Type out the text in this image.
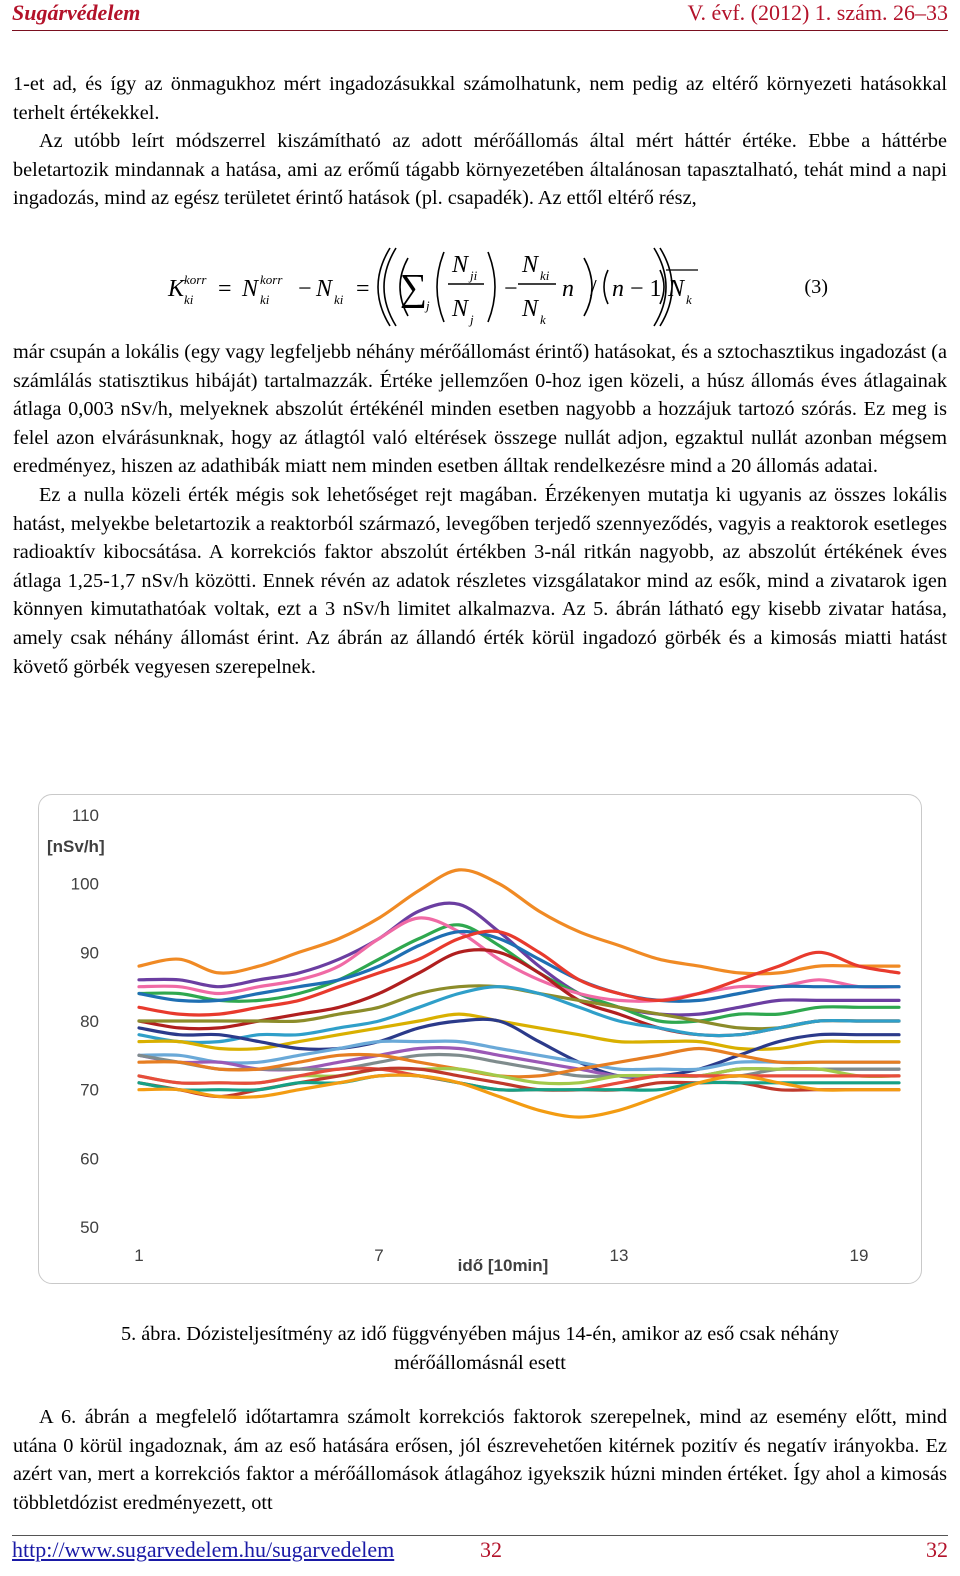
Sugárvédelem	V. évf. (2012) 1. szám. 26–33

1-et ad, és így az önmagukhoz mért ingadozásukkal számolhatunk, nem pedig az eltérő környezeti hatásokkal terhelt értékekkel.

Az utóbb leírt módszerrel kiszámítható az adott mérőállomás által mért háttér értéke. Ebbe a háttérbe beletartozik mindannak a hatása, ami az erőmű tágabb környezetében általánosan tapasztalható, tehát mind a napi ingadozás, mind az egész területet érintő hatások (pl. csapadék). Az ettől eltérő rész,

K korr
ki = N korr
ki − N ki = ∑
j
N ji
N j
−
N ki
N k
n / n − 1 N k
(3)

már csupán a lokális (egy vagy legfeljebb néhány mérőállomást érintő) hatásokat, és a sztochasztikus ingadozást (a számlálás statisztikus hibáját) tartalmazzák. Értéke jellemzően 0-hoz igen közeli, a húsz állomás éves átlagainak átlaga 0,003 nSv/h, melyeknek abszolút értékénél minden esetben nagyobb a hozzájuk tartozó szórás. Ez meg is felel azon elvárásunknak, hogy az átlagtól való eltérések összege nullát adjon, egzaktul nullát azonban mégsem eredményez, hiszen az adathibák miatt nem minden esetben álltak rendelkezésre mind a 20 állomás adatai.

Ez a nulla közeli érték mégis sok lehetőséget rejt magában. Érzékenyen mutatja ki ugyanis az összes lokális hatást, melyekbe beletartozik a reaktorból származó, levegőben terjedő szennyeződés, vagyis a reaktorok esetleges radioaktív kibocsátása. A korrekciós faktor abszolút értékben 3-nál ritkán nagyobb, az abszolút értékének éves átlaga 1,25-1,7 nSv/h közötti. Ennek révén az adatok részletes vizsgálatakor mind az esők, mind a zivatarok igen könnyen kimutathatóak voltak, ezt a 3 nSv/h limitet alkalmazva. Az 5. ábrán látható egy kisebb zivatar hatása, amely csak néhány állomást érint. Az ábrán az állandó érték körül ingadozó görbék és a kimosás miatti hatást követő görbék vegyesen szerepelnek.

50
60
70
80
90
100
110
[nSv/h]
1	7	13	19
idő [10min]
5. ábra. Dózisteljesítmény az idő függvényében május 14-én, amikor az eső csak néhány
mérőállomásnál esett

A 6. ábrán a megfelelő időtartamra számolt korrekciós faktorok szerepelnek, mind az esemény előtt, mind utána 0 körül ingadoznak, ám az eső hatására erősen, jól észrevehetően kitérnek pozitív és negatív irányokba. Ez azért van, mert a korrekciós faktor a mérőállomások átlagához igyekszik húzni minden értéket. Így ahol a kimosás többletdózist eredményezett, ott

http://www.sugarvedelem.hu/sugarvedelem	32	32
